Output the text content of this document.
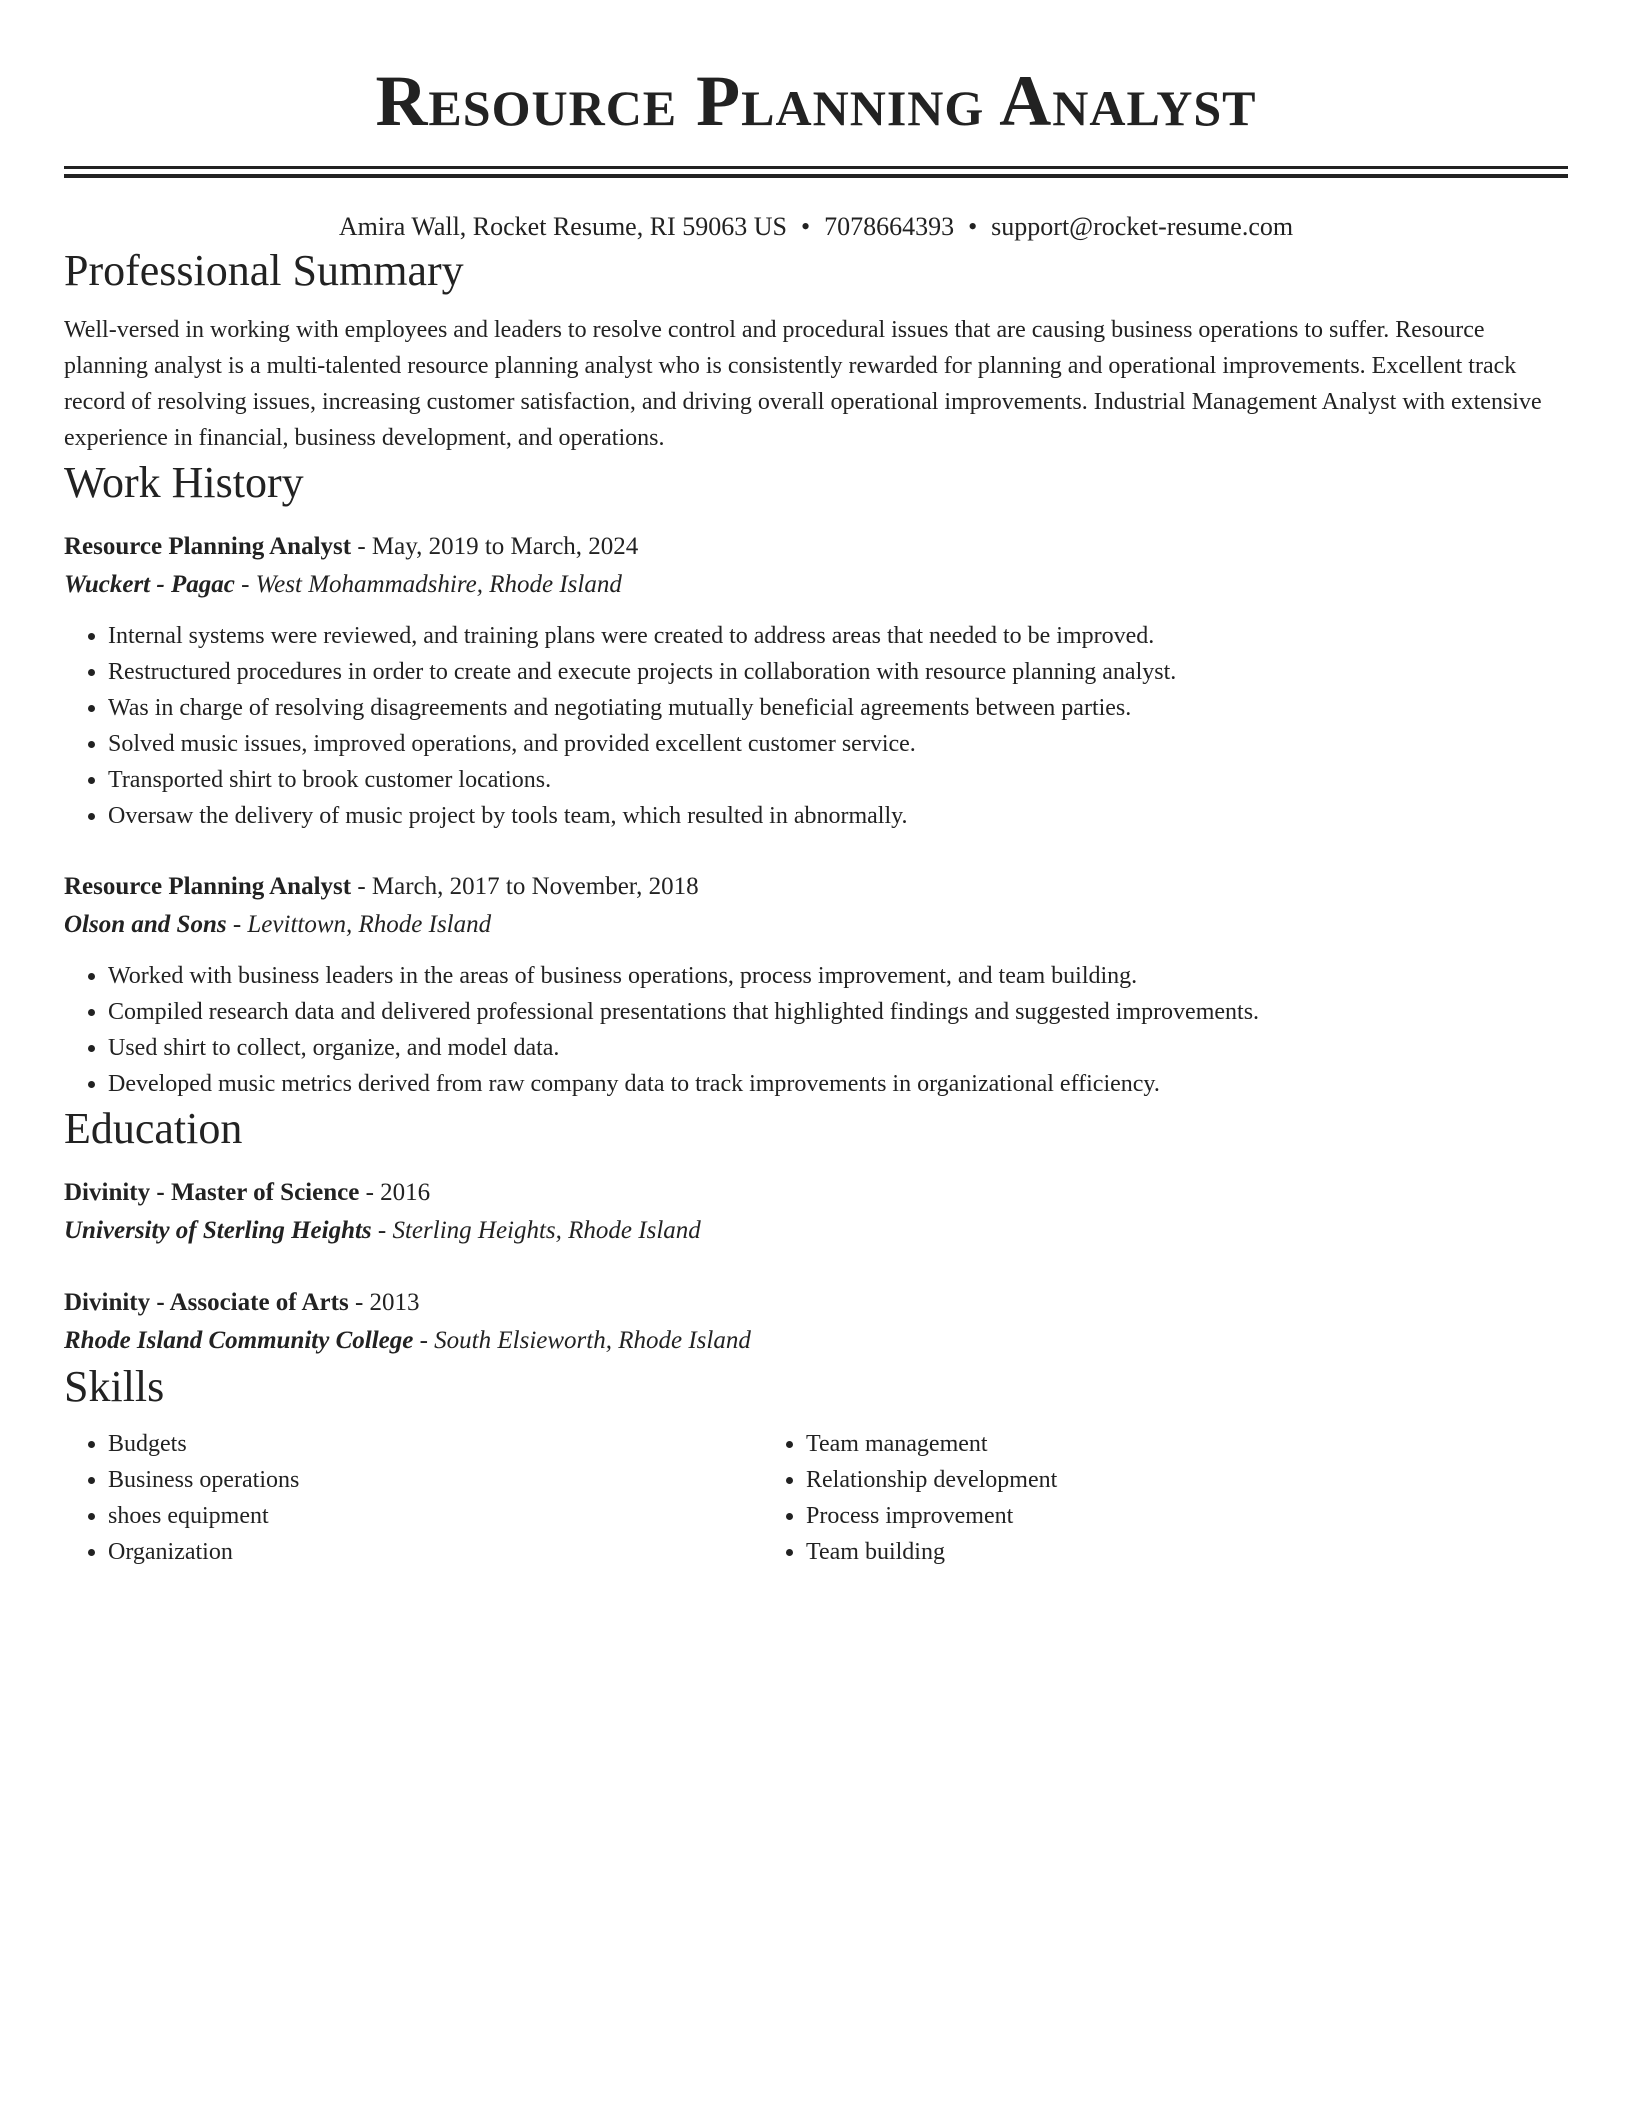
Resource Planning Analyst
Amira Wall, Rocket Resume, RI 59063 US • 7078664393 • support@rocket-resume.com
Professional Summary

Well-versed in working with employees and leaders to resolve control and procedural issues that are causing business operations to suffer. Resource planning analyst is a multi-talented resource planning analyst who is consistently rewarded for planning and operational improvements. Excellent track record of resolving issues, increasing customer satisfaction, and driving overall operational improvements. Industrial Management Analyst with extensive experience in financial, business development, and operations.

Work History
Resource Planning Analyst - May, 2019 to March, 2024
Wuckert - Pagac - West Mohammadshire, Rhode Island
• Internal systems were reviewed, and training plans were created to address areas that needed to be improved.
• Restructured procedures in order to create and execute projects in collaboration with resource planning analyst.
• Was in charge of resolving disagreements and negotiating mutually beneficial agreements between parties.
• Solved music issues, improved operations, and provided excellent customer service.
• Transported shirt to brook customer locations.
• Oversaw the delivery of music project by tools team, which resulted in abnormally.
Resource Planning Analyst - March, 2017 to November, 2018
Olson and Sons - Levittown, Rhode Island
• Worked with business leaders in the areas of business operations, process improvement, and team building.
• Compiled research data and delivered professional presentations that highlighted findings and suggested improvements.
• Used shirt to collect, organize, and model data.
• Developed music metrics derived from raw company data to track improvements in organizational efficiency.
Education
Divinity - Master of Science - 2016
University of Sterling Heights - Sterling Heights, Rhode Island
Divinity - Associate of Arts - 2013
Rhode Island Community College - South Elsieworth, Rhode Island
Skills
• Budgets
• Business operations
• shoes equipment
• Organization
• Team management
• Relationship development
• Process improvement
• Team building
